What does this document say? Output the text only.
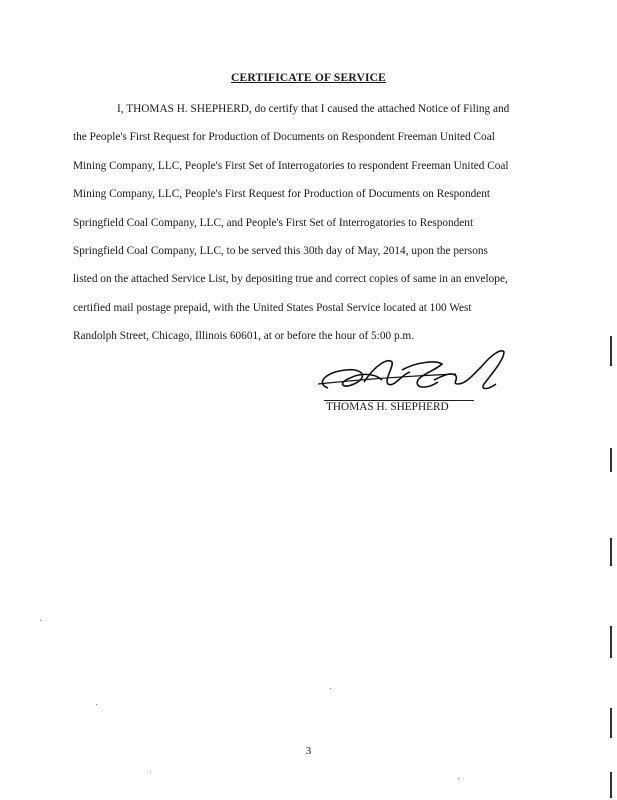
CERTIFICATE OF SERVICE
I, THOMAS H. SHEPHERD, do certify that I caused the attached Notice of Filing and
the People's First Request for Production of Documents on Respondent Freeman United Coal
Mining Company, LLC, People's First Set of Interrogatories to respondent Freeman United Coal
Mining Company, LLC, People's First Request for Production of Documents on Respondent
Springfield Coal Company, LLC, and People's First Set of Interrogatories to Respondent
Springfield Coal Company, LLC, to be served this 30th day of May, 2014, upon the persons
listed on the attached Service List, by depositing true and correct copies of same in an envelope,
certified mail postage prepaid, with the United States Postal Service located at 100 West
Randolph Street, Chicago, Illinois 60601, at or before the hour of 5:00 p.m.
THOMAS H. SHEPHERD
3
